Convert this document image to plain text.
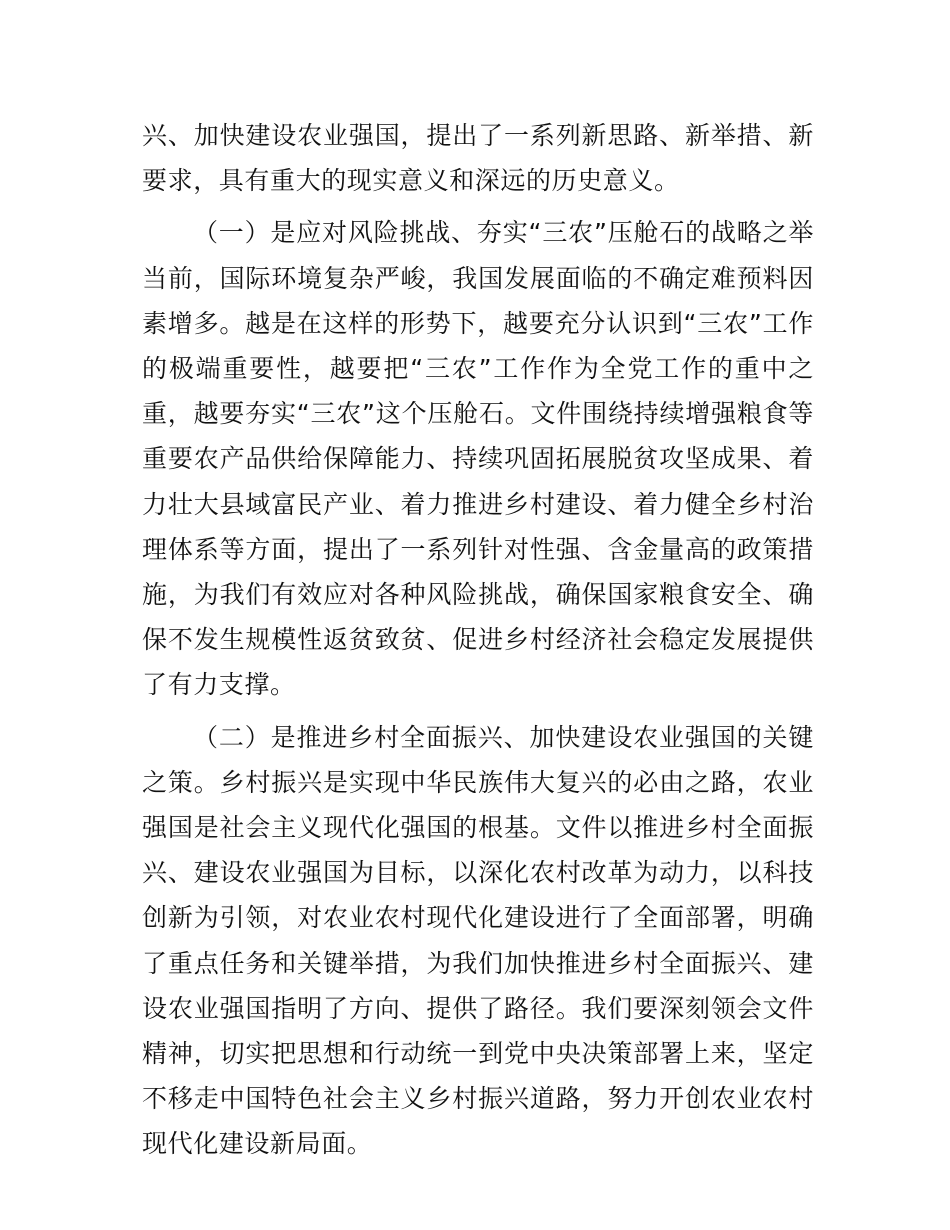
兴、加快建设农业强国，提出了一系列新思路、新举措、新要求，具有重大的现实意义和深远的历史意义。

（一）是应对风险挑战、夯实“三农”压舱石的战略之举当前，国际环境复杂严峻，我国发展面临的不确定难预料因素增多。越是在这样的形势下，越要充分认识到“三农”工作的极端重要性，越要把“三农”工作作为全党工作的重中之重，越要夯实“三农”这个压舱石。文件围绕持续增强粮食等重要农产品供给保障能力、持续巩固拓展脱贫攻坚成果、着力壮大县域富民产业、着力推进乡村建设、着力健全乡村治理体系等方面，提出了一系列针对性强、含金量高的政策措施，为我们有效应对各种风险挑战，确保国家粮食安全、确保不发生规模性返贫致贫、促进乡村经济社会稳定发展提供了有力支撑。

（二）是推进乡村全面振兴、加快建设农业强国的关键之策。乡村振兴是实现中华民族伟大复兴的必由之路，农业强国是社会主义现代化强国的根基。文件以推进乡村全面振兴、建设农业强国为目标，以深化农村改革为动力，以科技创新为引领，对农业农村现代化建设进行了全面部署，明确了重点任务和关键举措，为我们加快推进乡村全面振兴、建设农业强国指明了方向、提供了路径。我们要深刻领会文件精神，切实把思想和行动统一到党中央决策部署上来，坚定不移走中国特色社会主义乡村振兴道路，努力开创农业农村现代化建设新局面。
